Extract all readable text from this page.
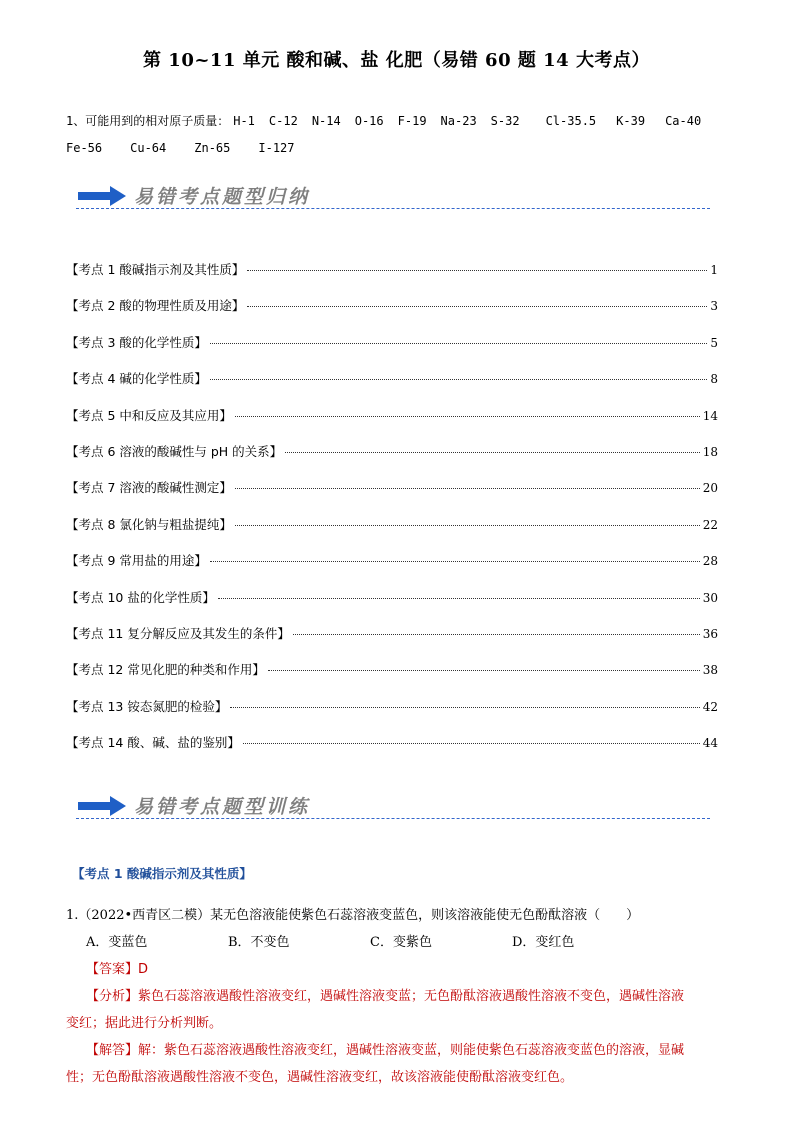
第 10~11 单元 酸和碱、盐 化肥（易错 60 题 14 大考点）
1、可能用到的相对原子质量： H-1 C-12 N-14 O-16 F-19 Na-23 S-32 Cl-35.5 K-39 Ca-40
Fe-56 Cu-64 Zn-65 I-127
易错考点题型归纳
【考点 1 酸碱指示剂及其性质】	1
【考点 2 酸的物理性质及用途】	3
【考点 3 酸的化学性质】	5
【考点 4 碱的化学性质】	8
【考点 5 中和反应及其应用】	14
【考点 6 溶液的酸碱性与 pH 的关系】	18
【考点 7 溶液的酸碱性测定】	20
【考点 8 氯化钠与粗盐提纯】	22
【考点 9 常用盐的用途】	28
【考点 10 盐的化学性质】	30
【考点 11 复分解反应及其发生的条件】	36
【考点 12 常见化肥的种类和作用】	38
【考点 13 铵态氮肥的检验】	42
【考点 14 酸、碱、盐的鉴别】	44
易错考点题型训练
【考点 1 酸碱指示剂及其性质】
1.（2022•西青区二模）某无色溶液能使紫色石蕊溶液变蓝色，则该溶液能使无色酚酞溶液（　　）
A．变蓝色	B．不变色	C．变紫色	D．变红色
【答案】D
【分析】紫色石蕊溶液遇酸性溶液变红，遇碱性溶液变蓝；无色酚酞溶液遇酸性溶液不变色，遇碱性溶液
变红；据此进行分析判断。
【解答】解：紫色石蕊溶液遇酸性溶液变红，遇碱性溶液变蓝，则能使紫色石蕊溶液变蓝色的溶液，显碱
性；无色酚酞溶液遇酸性溶液不变色，遇碱性溶液变红，故该溶液能使酚酞溶液变红色。
